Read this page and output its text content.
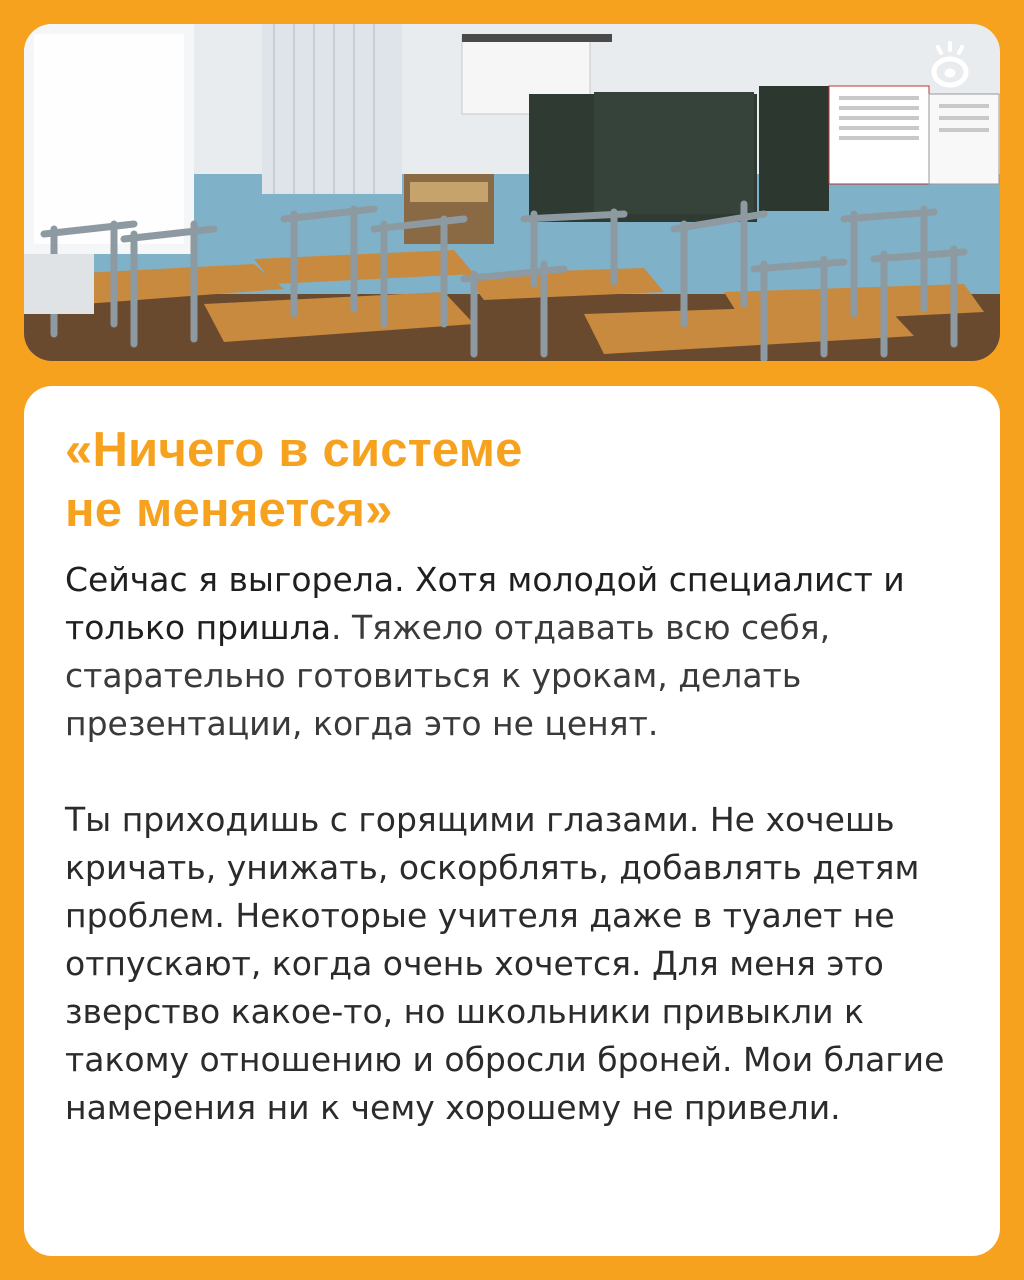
«Ничего в системе
не меняется»

Сейчас я выгорела. Хотя молодой специалист и только пришла. Тяжело отдавать всю себя, старательно готовиться к урокам, делать презентации, когда это не ценят.

Ты приходишь с горящими глазами. Не хочешь кричать, унижать, оскорблять, добавлять детям проблем. Некоторые учителя даже в туалет не отпускают, когда очень хочется. Для меня это зверство какое-то, но школьники привыкли к такому отношению и обросли броней. Мои благие намерения ни к чему хорошему не привели.
